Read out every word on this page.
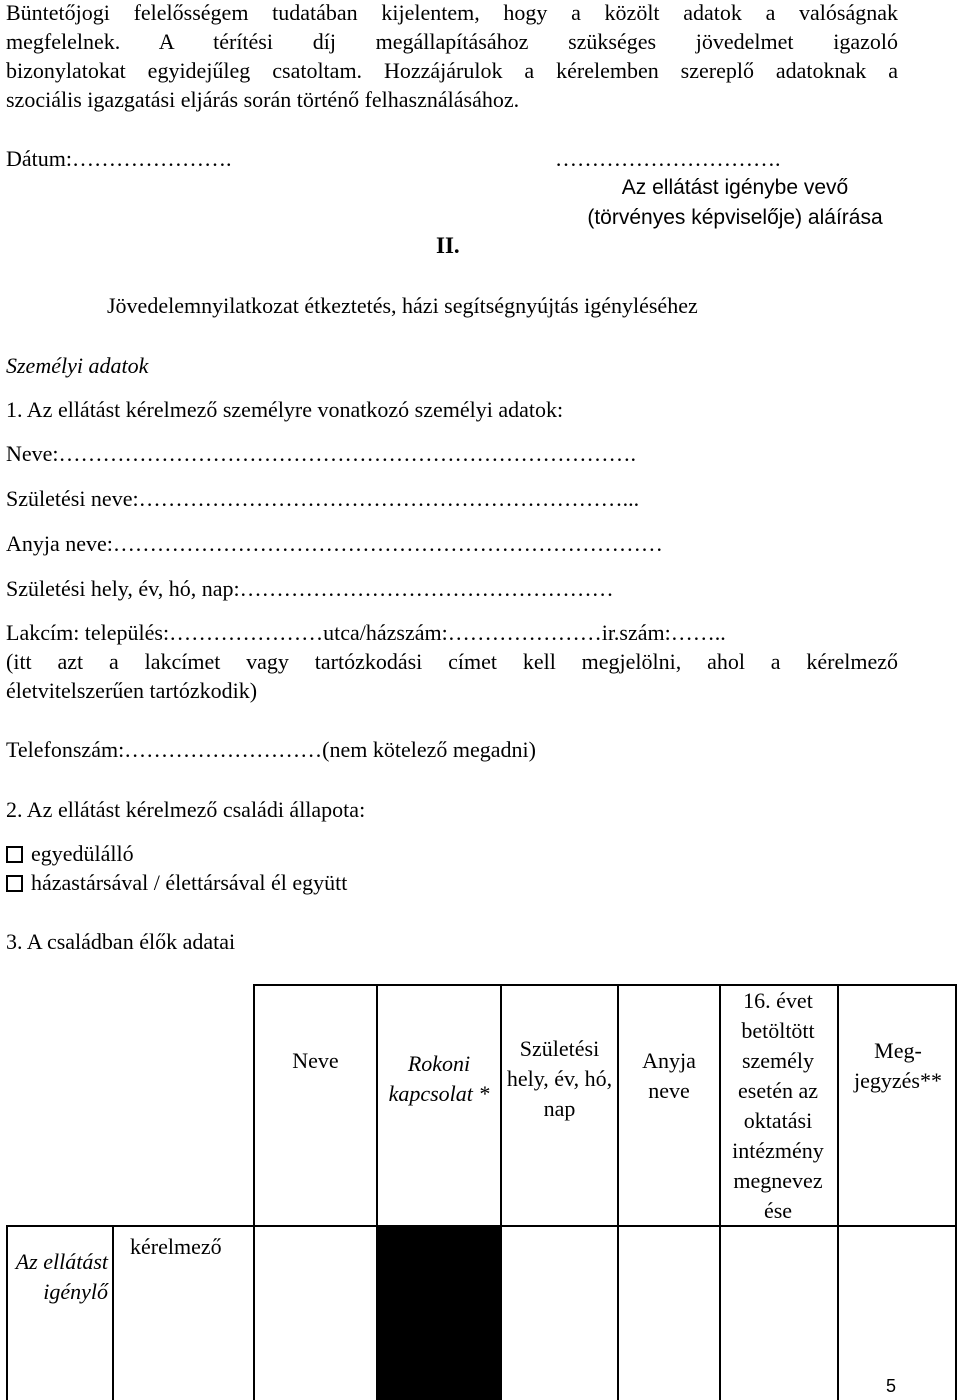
Büntetőjogi felelősségem tudatában kijelentem, hogy a közölt adatok a valóságnak
megfelelnek. A térítési díj megállapításához szükséges jövedelmet igazoló
bizonylatokat egyidejűleg csatoltam. Hozzájárulok a kérelemben szereplő adatoknak a
szociális igazgatási eljárás során történő felhasználásához.
Dátum:………………….	………………………….
Az ellátást igénybe vevő
(törvényes képviselője) aláírása
II.
Jövedelemnyilatkozat étkeztetés, házi segítségnyújtás igényléséhez
Személyi adatok
1. Az ellátást kérelmező személyre vonatkozó személyi adatok:
Neve:…………………………………………………………………….
Születési neve:…………………………………………………………...
Anyja neve:…………………………………………………………………
Születési hely, év, hó, nap:……………………………………………
Lakcím: település:…………………utca/házszám:…………………ir.szám:……..
(itt azt a lakcímet vagy tartózkodási címet kell megjelölni, ahol a kérelmező
életvitelszerűen tartózkodik)
Telefonszám:………………………(nem kötelező megadni)
2. Az ellátást kérelmező családi állapota:
egyedülálló
házastársával / élettársával él együtt
3. A családban élők adatai
Neve	Rokoni kapcsolat *
Születési hely, év, hó, nap
Anyja neve
16. évet betöltött személy esetén az oktatási intézmény megnevez ése
Meg- jegyzés**
Az ellátást igénylő
kérelmező
5
